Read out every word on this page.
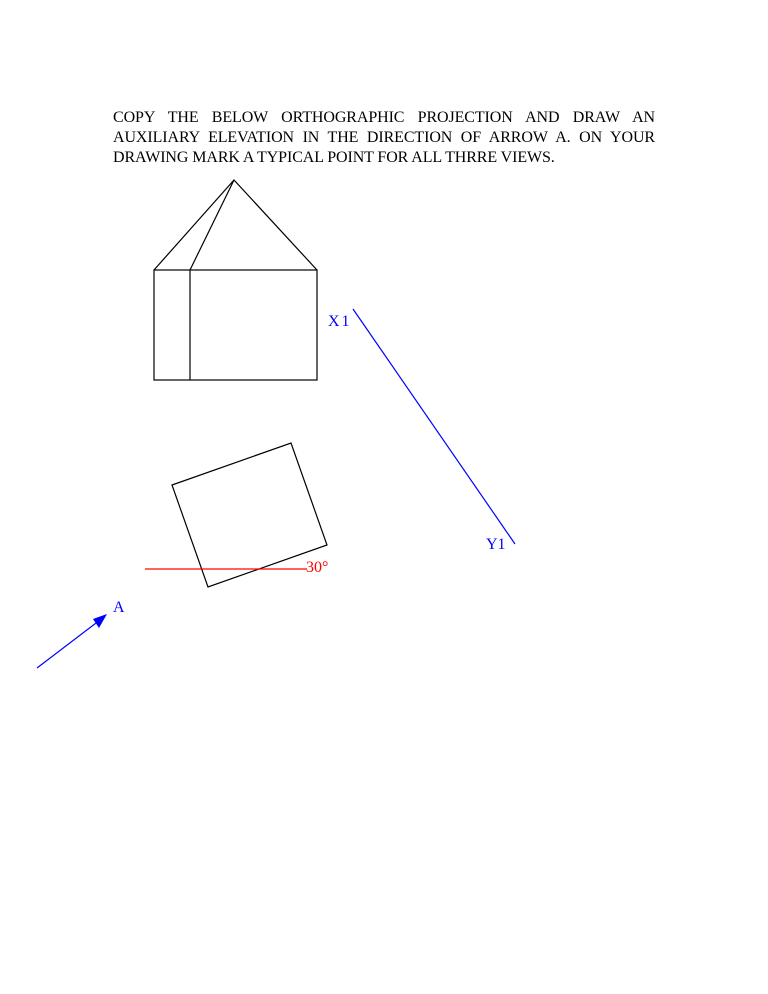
COPY THE BELOW ORTHOGRAPHIC PROJECTION AND DRAW AN AUXILIARY ELEVATION IN THE DIRECTION OF ARROW A. ON YOUR DRAWING MARK A TYPICAL POINT FOR ALL THRRE VIEWS.

30°
X1
Y1
A
